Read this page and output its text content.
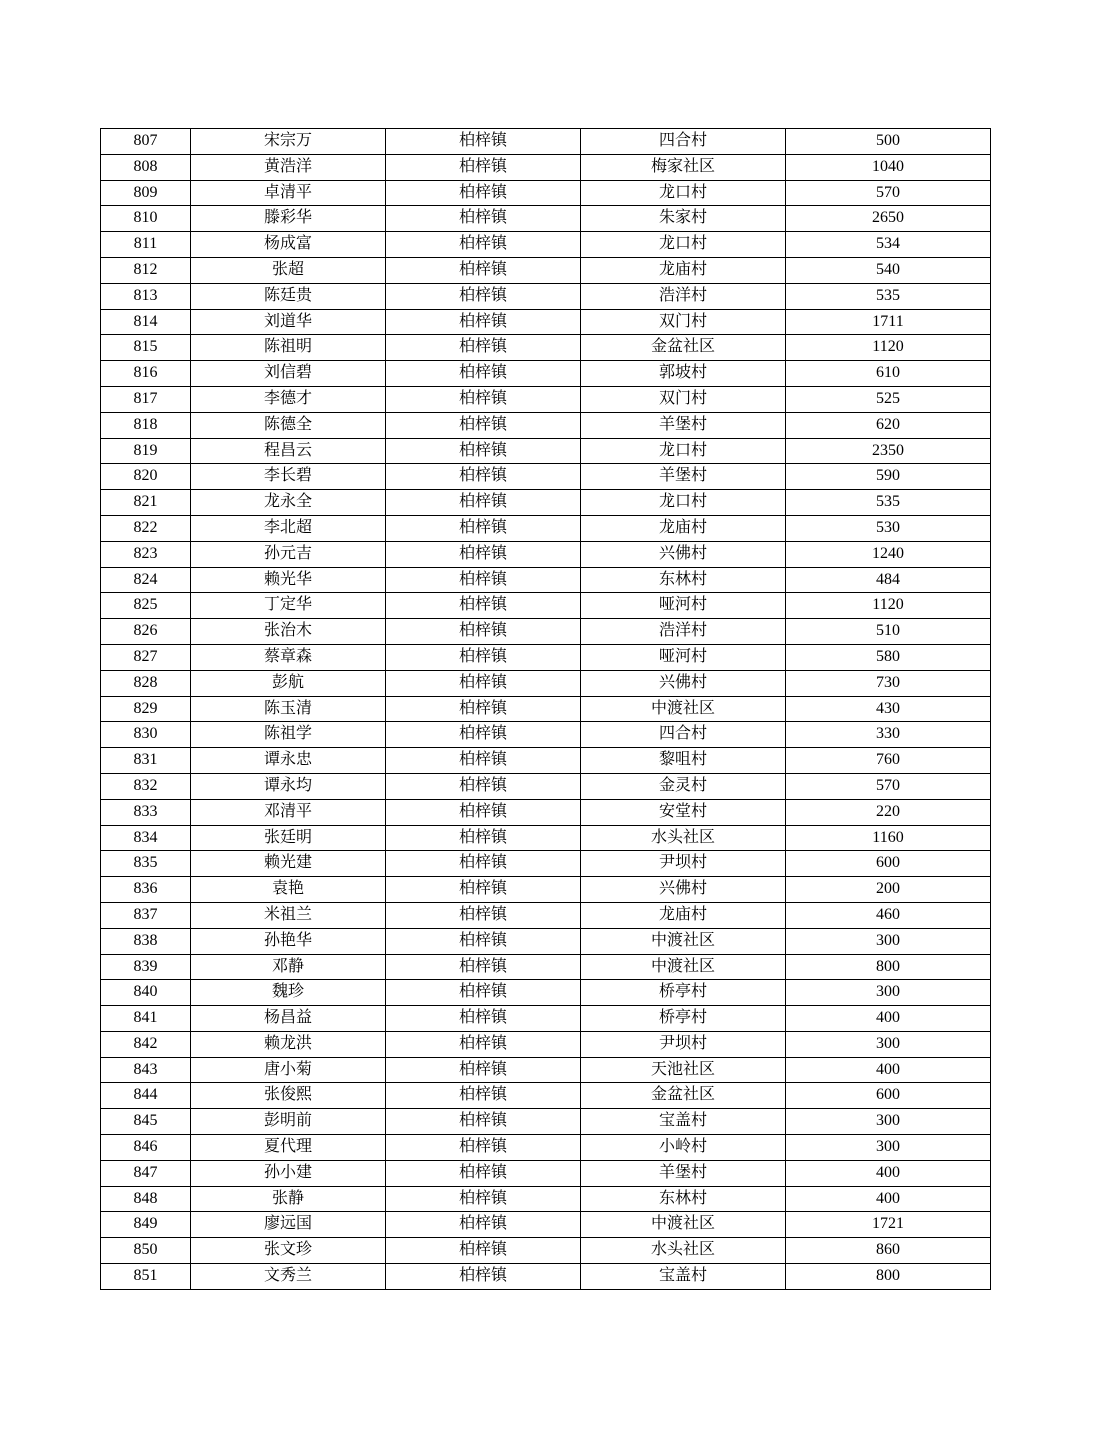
807	宋宗万	柏梓镇	四合村	500
808	黄浩洋	柏梓镇	梅家社区	1040
809	卓清平	柏梓镇	龙口村	570
810	滕彩华	柏梓镇	朱家村	2650
811	杨成富	柏梓镇	龙口村	534
812	张超	柏梓镇	龙庙村	540
813	陈廷贵	柏梓镇	浩洋村	535
814	刘道华	柏梓镇	双门村	1711
815	陈祖明	柏梓镇	金盆社区	1120
816	刘信碧	柏梓镇	郭坡村	610
817	李德才	柏梓镇	双门村	525
818	陈德全	柏梓镇	羊堡村	620
819	程昌云	柏梓镇	龙口村	2350
820	李长碧	柏梓镇	羊堡村	590
821	龙永全	柏梓镇	龙口村	535
822	李北超	柏梓镇	龙庙村	530
823	孙元吉	柏梓镇	兴佛村	1240
824	赖光华	柏梓镇	东林村	484
825	丁定华	柏梓镇	哑河村	1120
826	张治木	柏梓镇	浩洋村	510
827	蔡章森	柏梓镇	哑河村	580
828	彭航	柏梓镇	兴佛村	730
829	陈玉清	柏梓镇	中渡社区	430
830	陈祖学	柏梓镇	四合村	330
831	谭永忠	柏梓镇	黎咀村	760
832	谭永均	柏梓镇	金灵村	570
833	邓清平	柏梓镇	安堂村	220
834	张廷明	柏梓镇	水头社区	1160
835	赖光建	柏梓镇	尹坝村	600
836	袁艳	柏梓镇	兴佛村	200
837	米祖兰	柏梓镇	龙庙村	460
838	孙艳华	柏梓镇	中渡社区	300
839	邓静	柏梓镇	中渡社区	800
840	魏珍	柏梓镇	桥亭村	300
841	杨昌益	柏梓镇	桥亭村	400
842	赖龙洪	柏梓镇	尹坝村	300
843	唐小菊	柏梓镇	天池社区	400
844	张俊熙	柏梓镇	金盆社区	600
845	彭明前	柏梓镇	宝盖村	300
846	夏代理	柏梓镇	小岭村	300
847	孙小建	柏梓镇	羊堡村	400
848	张静	柏梓镇	东林村	400
849	廖远国	柏梓镇	中渡社区	1721
850	张文珍	柏梓镇	水头社区	860
851	文秀兰	柏梓镇	宝盖村	800
